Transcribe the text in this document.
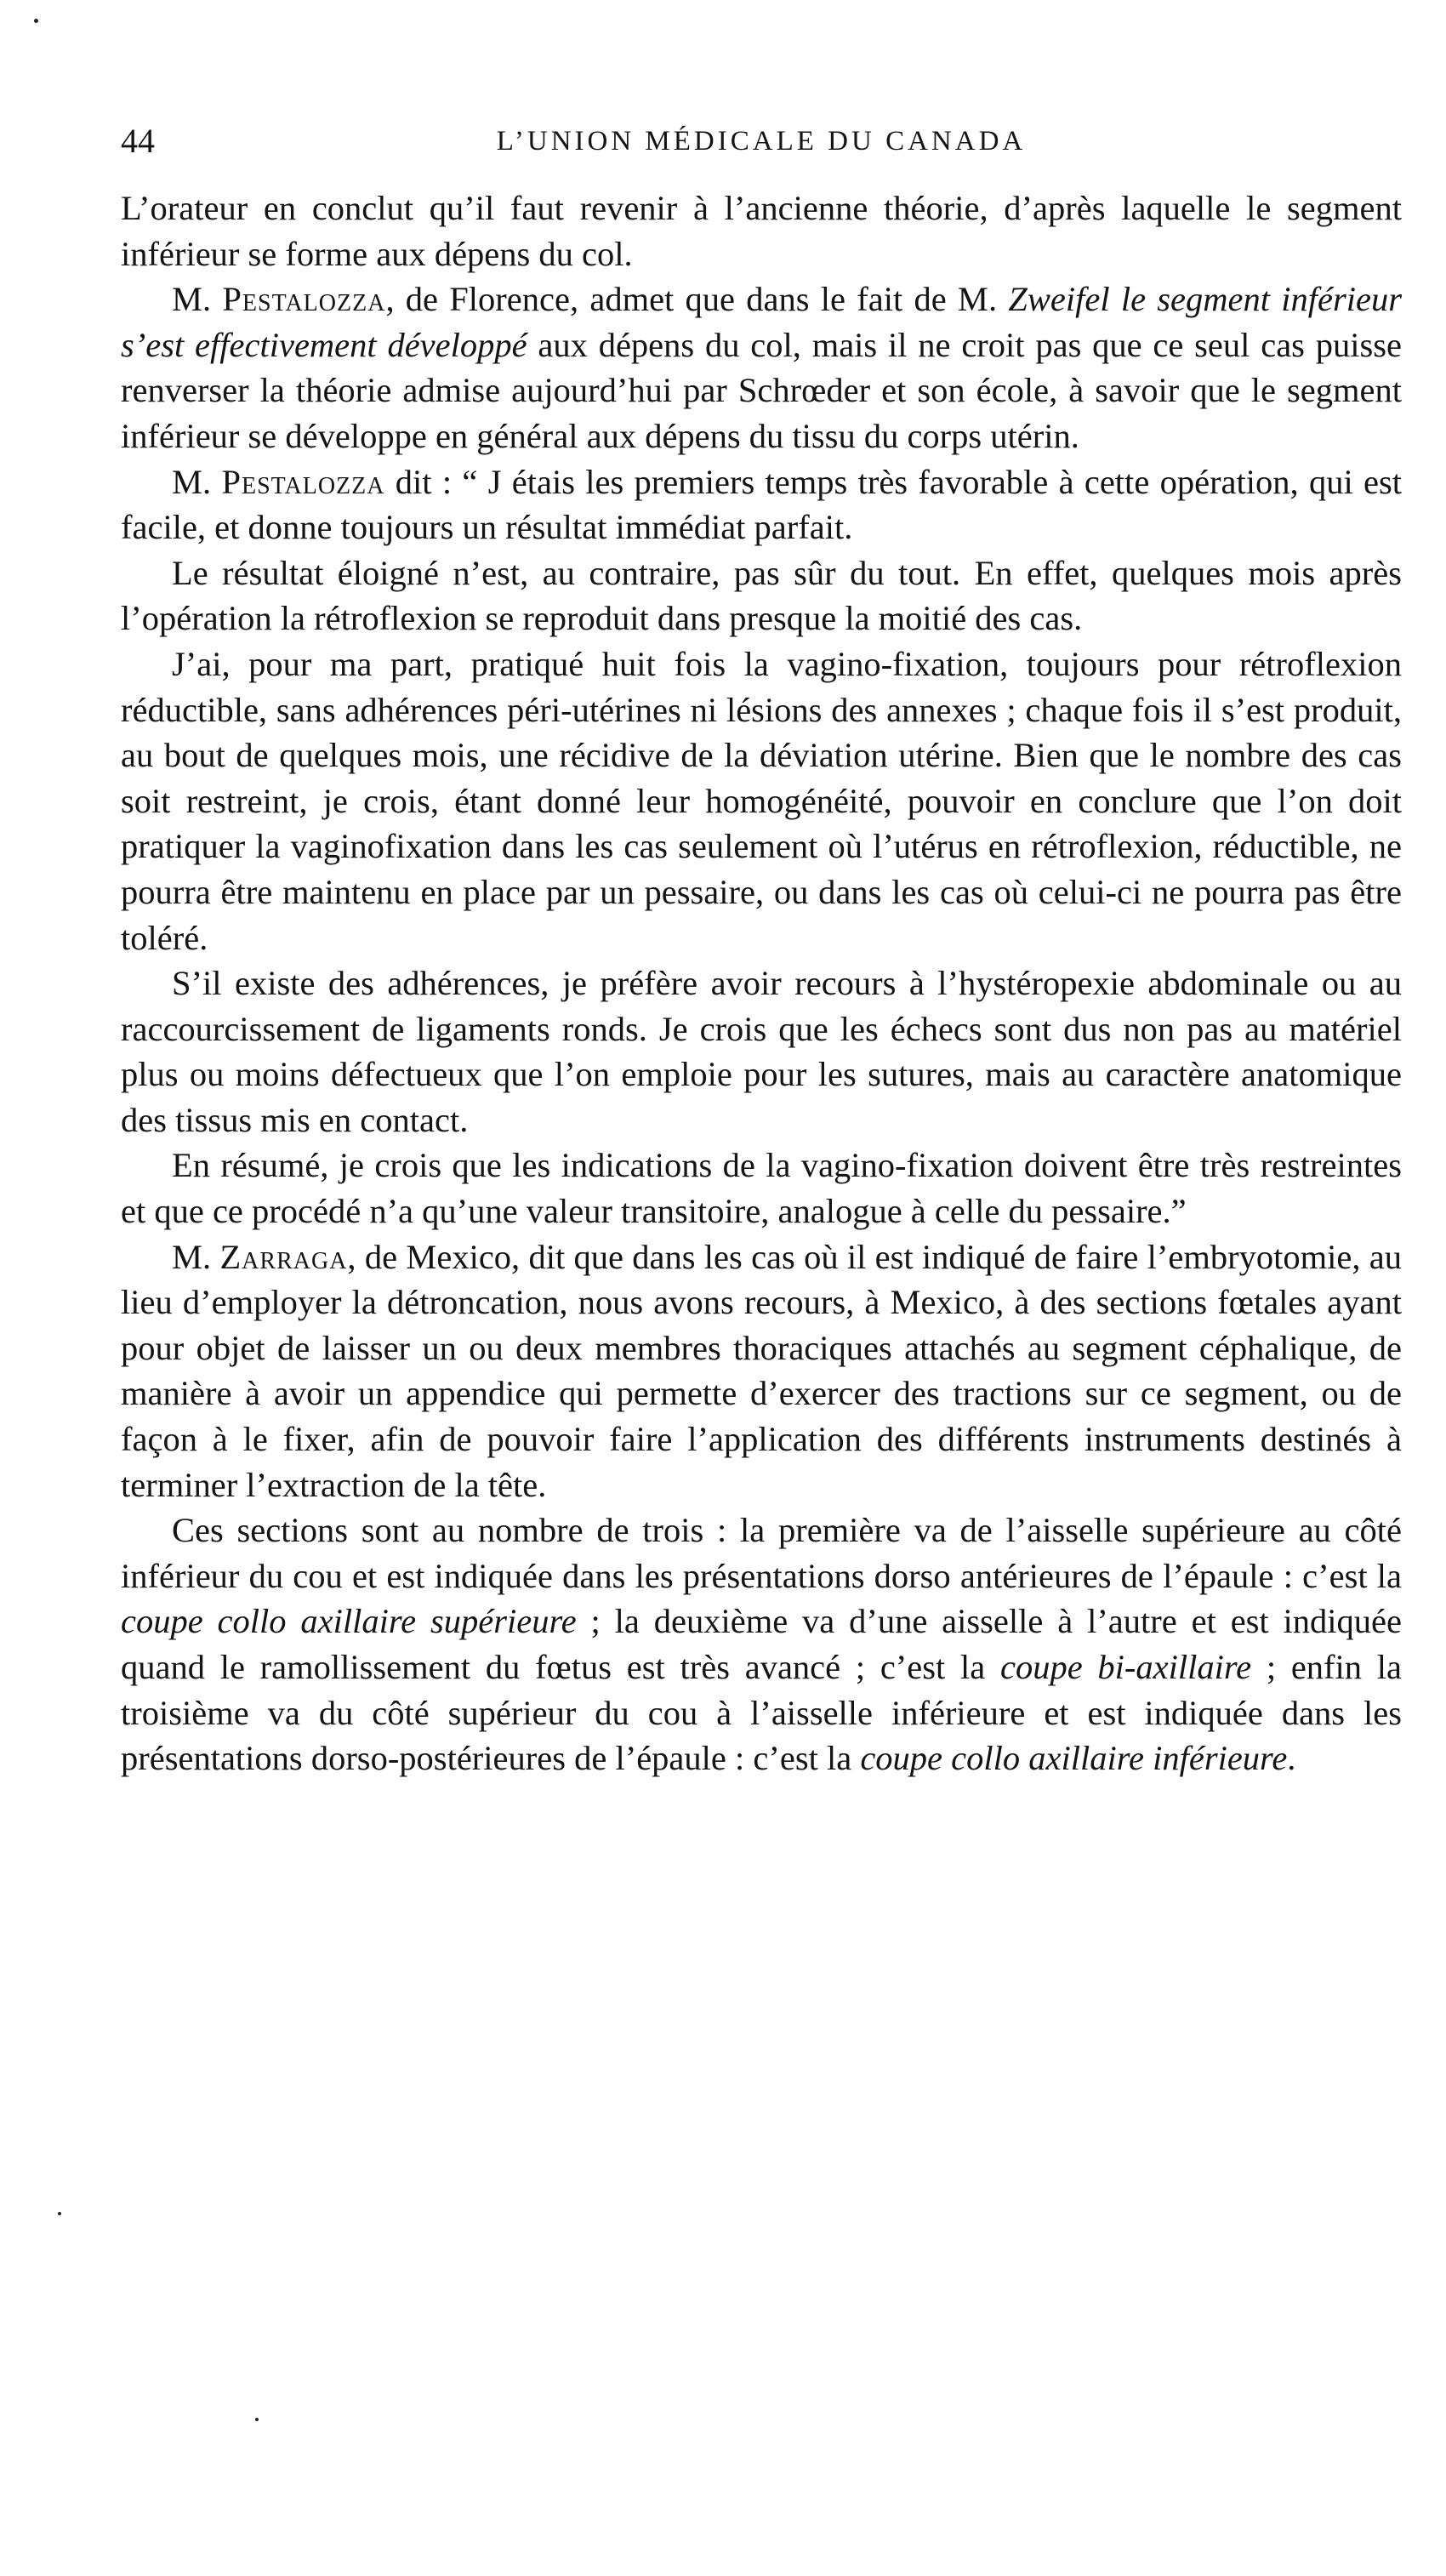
44	L’UNION MÉDICALE DU CANADA

L’orateur en conclut qu’il faut revenir à l’ancienne théorie, d’après laquelle le segment inférieur se forme aux dépens du col.

M. Pestalozza, de Florence, admet que dans le fait de M. Zweifel le segment inférieur s’est effectivement développé aux dépens du col, mais il ne croit pas que ce seul cas puisse renverser la théorie admise aujourd’hui par Schrœder et son école, à savoir que le segment inférieur se développe en général aux dépens du tissu du corps utérin.

M. Pestalozza dit : “ J étais les premiers temps très favorable à cette opération, qui est facile, et donne toujours un résultat immédiat parfait.

Le résultat éloigné n’est, au contraire, pas sûr du tout. En effet, quelques mois après l’opération la rétroflexion se reproduit dans presque la moitié des cas.

J’ai, pour ma part, pratiqué huit fois la vagino-fixation, toujours pour rétroflexion réductible, sans adhérences péri-utérines ni lésions des annexes ; chaque fois il s’est produit, au bout de quelques mois, une récidive de la déviation utérine. Bien que le nombre des cas soit restreint, je crois, étant donné leur homogénéité, pouvoir en conclure que l’on doit pratiquer la vaginofixation dans les cas seulement où l’utérus en rétroflexion, réductible, ne pourra être maintenu en place par un pessaire, ou dans les cas où celui-ci ne pourra pas être toléré.

S’il existe des adhérences, je préfère avoir recours à l’hystéropexie abdominale ou au raccourcissement de ligaments ronds. Je crois que les échecs sont dus non pas au matériel plus ou moins défectueux que l’on emploie pour les sutures, mais au caractère anatomique des tissus mis en contact.

En résumé, je crois que les indications de la vagino-fixation doivent être très restreintes et que ce procédé n’a qu’une valeur transitoire, analogue à celle du pessaire.”

M. Zarraga, de Mexico, dit que dans les cas où il est indiqué de faire l’embryotomie, au lieu d’employer la détroncation, nous avons recours, à Mexico, à des sections fœtales ayant pour objet de laisser un ou deux membres thoraciques attachés au segment céphalique, de manière à avoir un appendice qui permette d’exercer des tractions sur ce segment, ou de façon à le fixer, afin de pouvoir faire l’application des différents instruments destinés à terminer l’extraction de la tête.

Ces sections sont au nombre de trois : la première va de l’aisselle supérieure au côté inférieur du cou et est indiquée dans les présentations dorso antérieures de l’épaule : c’est la coupe collo axillaire supérieure ; la deuxième va d’une aisselle à l’autre et est indiquée quand le ramollissement du fœtus est très avancé ; c’est la coupe bi-axillaire ; enfin la troisième va du côté supérieur du cou à l’aisselle inférieure et est indiquée dans les présentations dorso-postérieures de l’épaule : c’est la coupe collo axillaire inférieure.
